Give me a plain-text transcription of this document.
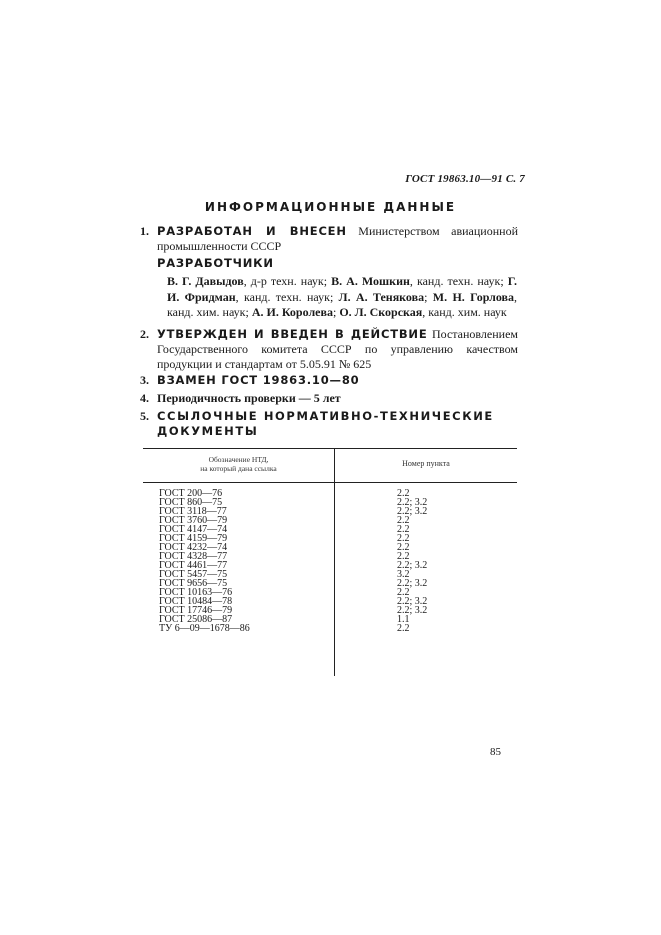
ГОСТ 19863.10—91 С. 7
ИНФОРМАЦИОННЫЕ ДАННЫЕ
1. РАЗРАБОТАН И ВНЕСЕН Министерством авиационной промышленности СССР
РАЗРАБОТЧИКИ
В. Г. Давыдов, д-р техн. наук; В. А. Мошкин, канд. техн. наук; Г. И. Фридман, канд. техн. наук; Л. А. Тенякова; М. Н. Горлова, канд. хим. наук; А. И. Королева; О. Л. Скорская, канд. хим. наук
2. УТВЕРЖДЕН И ВВЕДЕН В ДЕЙСТВИЕ Постановлением Государственного комитета СССР по управлению качеством продукции и стандартам от 5.05.91 № 625
3. ВЗАМЕН ГОСТ 19863.10—80
4. Периодичность проверки — 5 лет
5. ССЫЛОЧНЫЕ НОРМАТИВНО-ТЕХНИЧЕСКИЕ ДОКУМЕНТЫ
Обозначение НТД,
на который дана ссылка
Номер пункта
ГОСТ 200—76
ГОСТ 860—75
ГОСТ 3118—77
ГОСТ 3760—79
ГОСТ 4147—74
ГОСТ 4159—79
ГОСТ 4232—74
ГОСТ 4328—77
ГОСТ 4461—77
ГОСТ 5457—75
ГОСТ 9656—75
ГОСТ 10163—76
ГОСТ 10484—78
ГОСТ 17746—79
ГОСТ 25086—87
ТУ 6—09—1678—86
2.2
2.2; 3.2
2.2; 3.2
2.2
2.2
2.2
2.2
2.2
2.2; 3.2
3.2
2.2; 3.2
2.2
2.2; 3.2
2.2; 3.2
1.1
2.2
85
